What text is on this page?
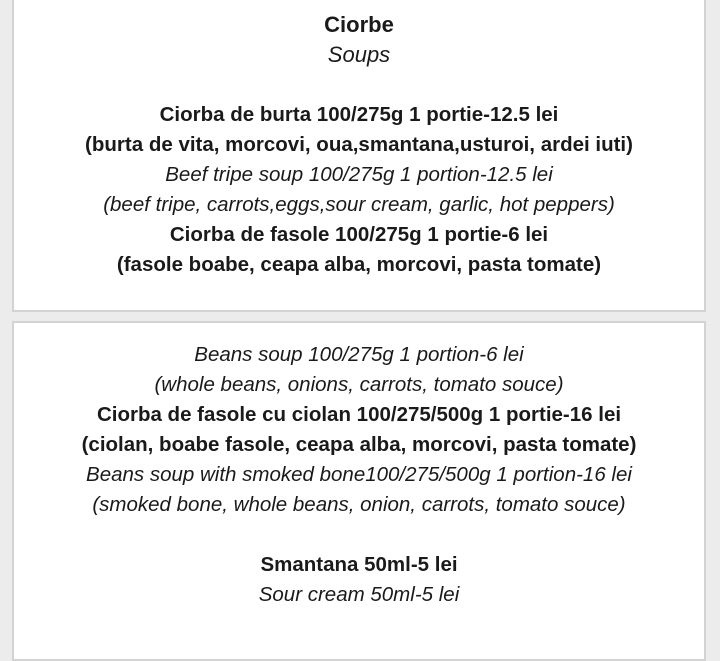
Ciorbe
Soups
Ciorba de burta 100/275g 1 portie-12.5 lei
(burta de vita, morcovi, oua,smantana,usturoi, ardei iuti)
Beef tripe soup 100/275g 1 portion-12.5 lei
(beef tripe, carrots,eggs,sour cream, garlic, hot peppers)
Ciorba de fasole 100/275g 1 portie-6 lei
(fasole boabe, ceapa alba, morcovi, pasta tomate)
Beans soup 100/275g 1 portion-6 lei
(whole beans, onions, carrots, tomato souce)
Ciorba de fasole cu ciolan 100/275/500g 1 portie-16 lei
(ciolan, boabe fasole, ceapa alba, morcovi, pasta tomate)
Beans soup with smoked bone100/275/500g 1 portion-16 lei
(smoked bone, whole beans, onion, carrots, tomato souce)
Smantana 50ml-5 lei
Sour cream 50ml-5 lei
